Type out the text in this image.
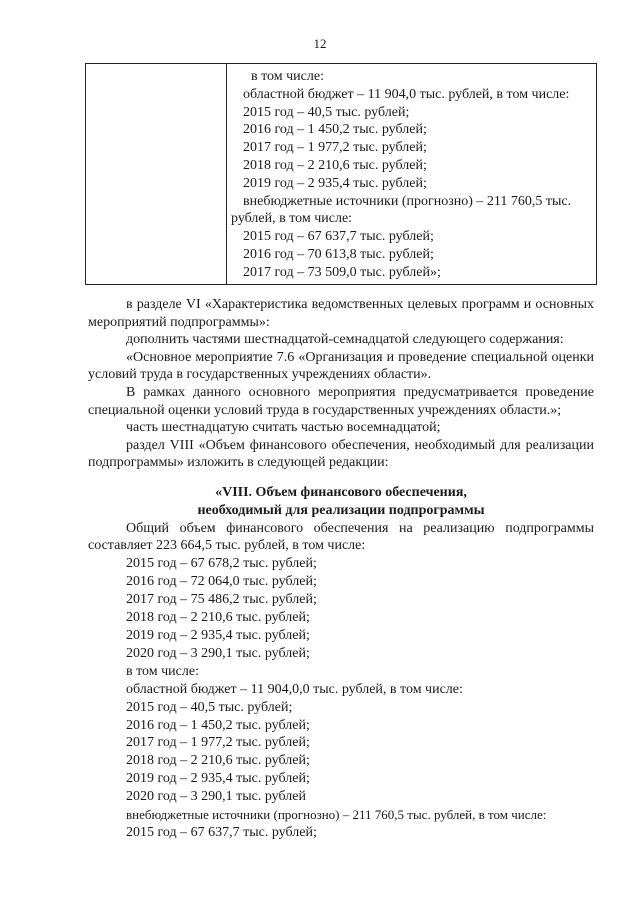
12

в том числе:
областной бюджет – 11 904,0 тыс. рублей, в том числе:
2015 год – 40,5 тыс. рублей;
2016 год – 1 450,2 тыс. рублей;
2017 год – 1 977,2 тыс. рублей;
2018 год – 2 210,6 тыс. рублей;
2019 год – 2 935,4 тыс. рублей;
внебюджетные источники (прогнозно) – 211 760,5 тыс.
рублей, в том числе:
2015 год – 67 637,7 тыс. рублей;
2016 год – 70 613,8 тыс. рублей;
2017 год – 73 509,0 тыс. рублей»;

в разделе VI «Характеристика ведомственных целевых программ и основных мероприятий подпрограммы»:

дополнить частями шестнадцатой-семнадцатой следующего содержания:

«Основное мероприятие 7.6 «Организация и проведение специальной оценки условий труда в государственных учреждениях области».

В рамках данного основного мероприятия предусматривается проведение специальной оценки условий труда в государственных учреждениях области.»;

часть шестнадцатую считать частью восемнадцатой;

раздел VIII «Объем финансового обеспечения, необходимый для реализации подпрограммы» изложить в следующей редакции:

«VIII. Объем финансового обеспечения,
необходимый для реализации подпрограммы

Общий объем финансового обеспечения на реализацию подпрограммы составляет 223 664,5 тыс. рублей, в том числе:

2015 год – 67 678,2 тыс. рублей;
2016 год – 72 064,0 тыс. рублей;
2017 год – 75 486,2 тыс. рублей;
2018 год – 2 210,6 тыс. рублей;
2019 год – 2 935,4 тыс. рублей;
2020 год – 3 290,1 тыс. рублей;
в том числе:
областной бюджет – 11 904,0,0 тыс. рублей, в том числе:
2015 год – 40,5 тыс. рублей;
2016 год – 1 450,2 тыс. рублей;
2017 год – 1 977,2 тыс. рублей;
2018 год – 2 210,6 тыс. рублей;
2019 год – 2 935,4 тыс. рублей;
2020 год – 3 290,1 тыс. рублей
внебюджетные источники (прогнозно) – 211 760,5 тыс. рублей, в том числе:
2015 год – 67 637,7 тыс. рублей;
